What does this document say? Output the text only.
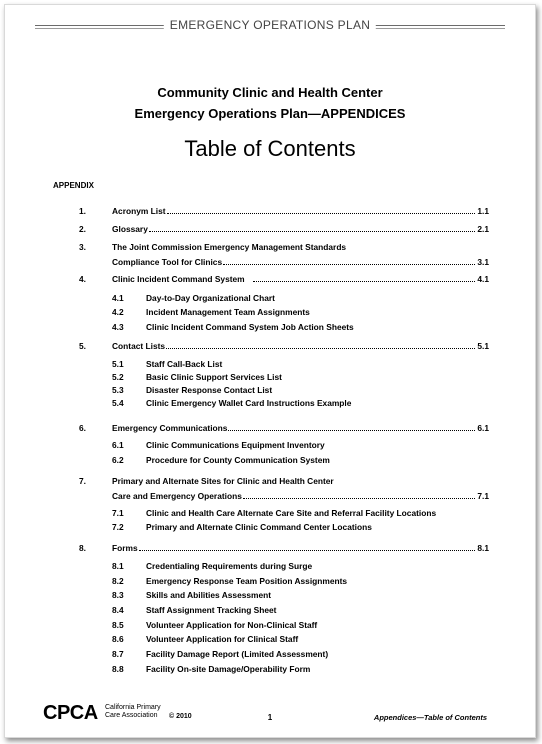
EMERGENCY OPERATIONS PLAN
Community Clinic and Health Center
Emergency Operations Plan—APPENDICES
Table of Contents
APPENDIX
1.	Acronym List	1.1
2.	Glossary	2.1
3.	The Joint Commission Emergency Management Standards
Compliance Tool for Clinics	3.1
4.	Clinic Incident Command System	4.1
4.1	Day-to-Day Organizational Chart
4.2	Incident Management Team Assignments
4.3	Clinic Incident Command System Job Action Sheets
5.	Contact Lists	5.1
5.1	Staff Call-Back List
5.2	Basic Clinic Support Services List
5.3	Disaster Response Contact List
5.4	Clinic Emergency Wallet Card Instructions Example
6.	Emergency Communications	6.1
6.1	Clinic Communications Equipment Inventory
6.2	Procedure for County Communication System
7.	Primary and Alternate Sites for Clinic and Health Center
Care and Emergency Operations	7.1
7.1	Clinic and Health Care Alternate Care Site and Referral Facility Locations
7.2	Primary and Alternate Clinic Command Center Locations
8.	Forms	8.1
8.1	Credentialing Requirements during Surge
8.2	Emergency Response Team Position Assignments
8.3	Skills and Abilities Assessment
8.4	Staff Assignment Tracking Sheet
8.5	Volunteer Application for Non-Clinical Staff
8.6	Volunteer Application for Clinical Staff
8.7	Facility Damage Report (Limited Assessment)
8.8	Facility On-site Damage/Operability Form
CPCA California Primary
Care Association	© 2010	1	Appendices—Table of Contents
